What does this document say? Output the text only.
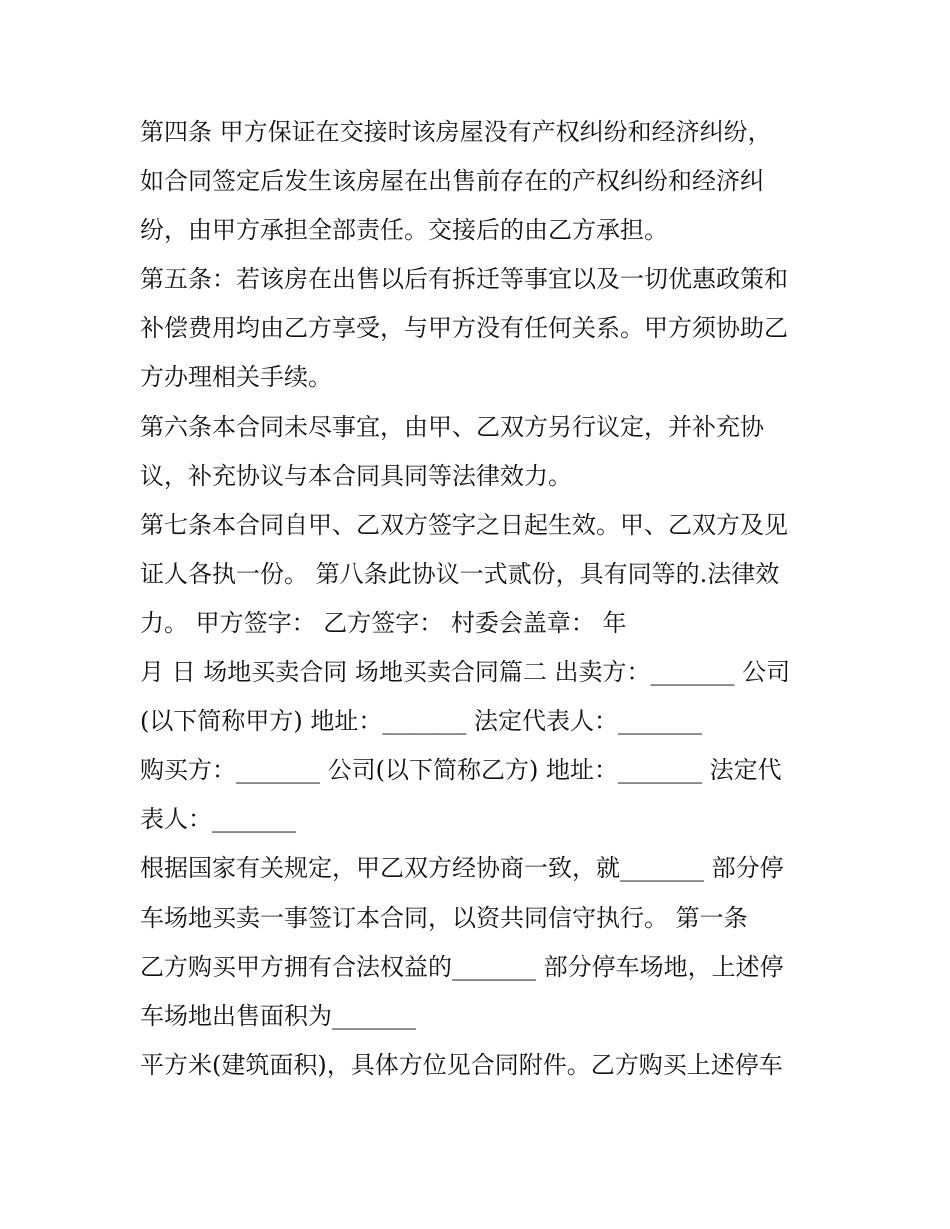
第四条 甲方保证在交接时该房屋没有产权纠纷和经济纠纷，

如合同签定后发生该房屋在出售前存在的产权纠纷和经济纠

纷，由甲方承担全部责任。交接后的由乙方承担。

第五条：若该房在出售以后有拆迁等事宜以及一切优惠政策和

补偿费用均由乙方享受，与甲方没有任何关系。甲方须协助乙

方办理相关手续。

第六条本合同未尽事宜，由甲、乙双方另行议定，并补充协

议，补充协议与本合同具同等法律效力。

第七条本合同自甲、乙双方签字之日起生效。甲、乙双方及见

证人各执一份。 第八条此协议一式贰份，具有同等的.法律效

力。 甲方签字： 乙方签字： 村委会盖章： 年

月 日 场地买卖合同 场地买卖合同篇二 出卖方：_______ 公司

(以下简称甲方) 地址：_______ 法定代表人：_______

购买方：_______ 公司(以下简称乙方) 地址：_______ 法定代

表人：_______

根据国家有关规定，甲乙双方经协商一致，就_______ 部分停

车场地买卖一事签订本合同，以资共同信守执行。 第一条

乙方购买甲方拥有合法权益的_______ 部分停车场地，上述停

车场地出售面积为_______

平方米(建筑面积)，具体方位见合同附件。乙方购买上述停车
